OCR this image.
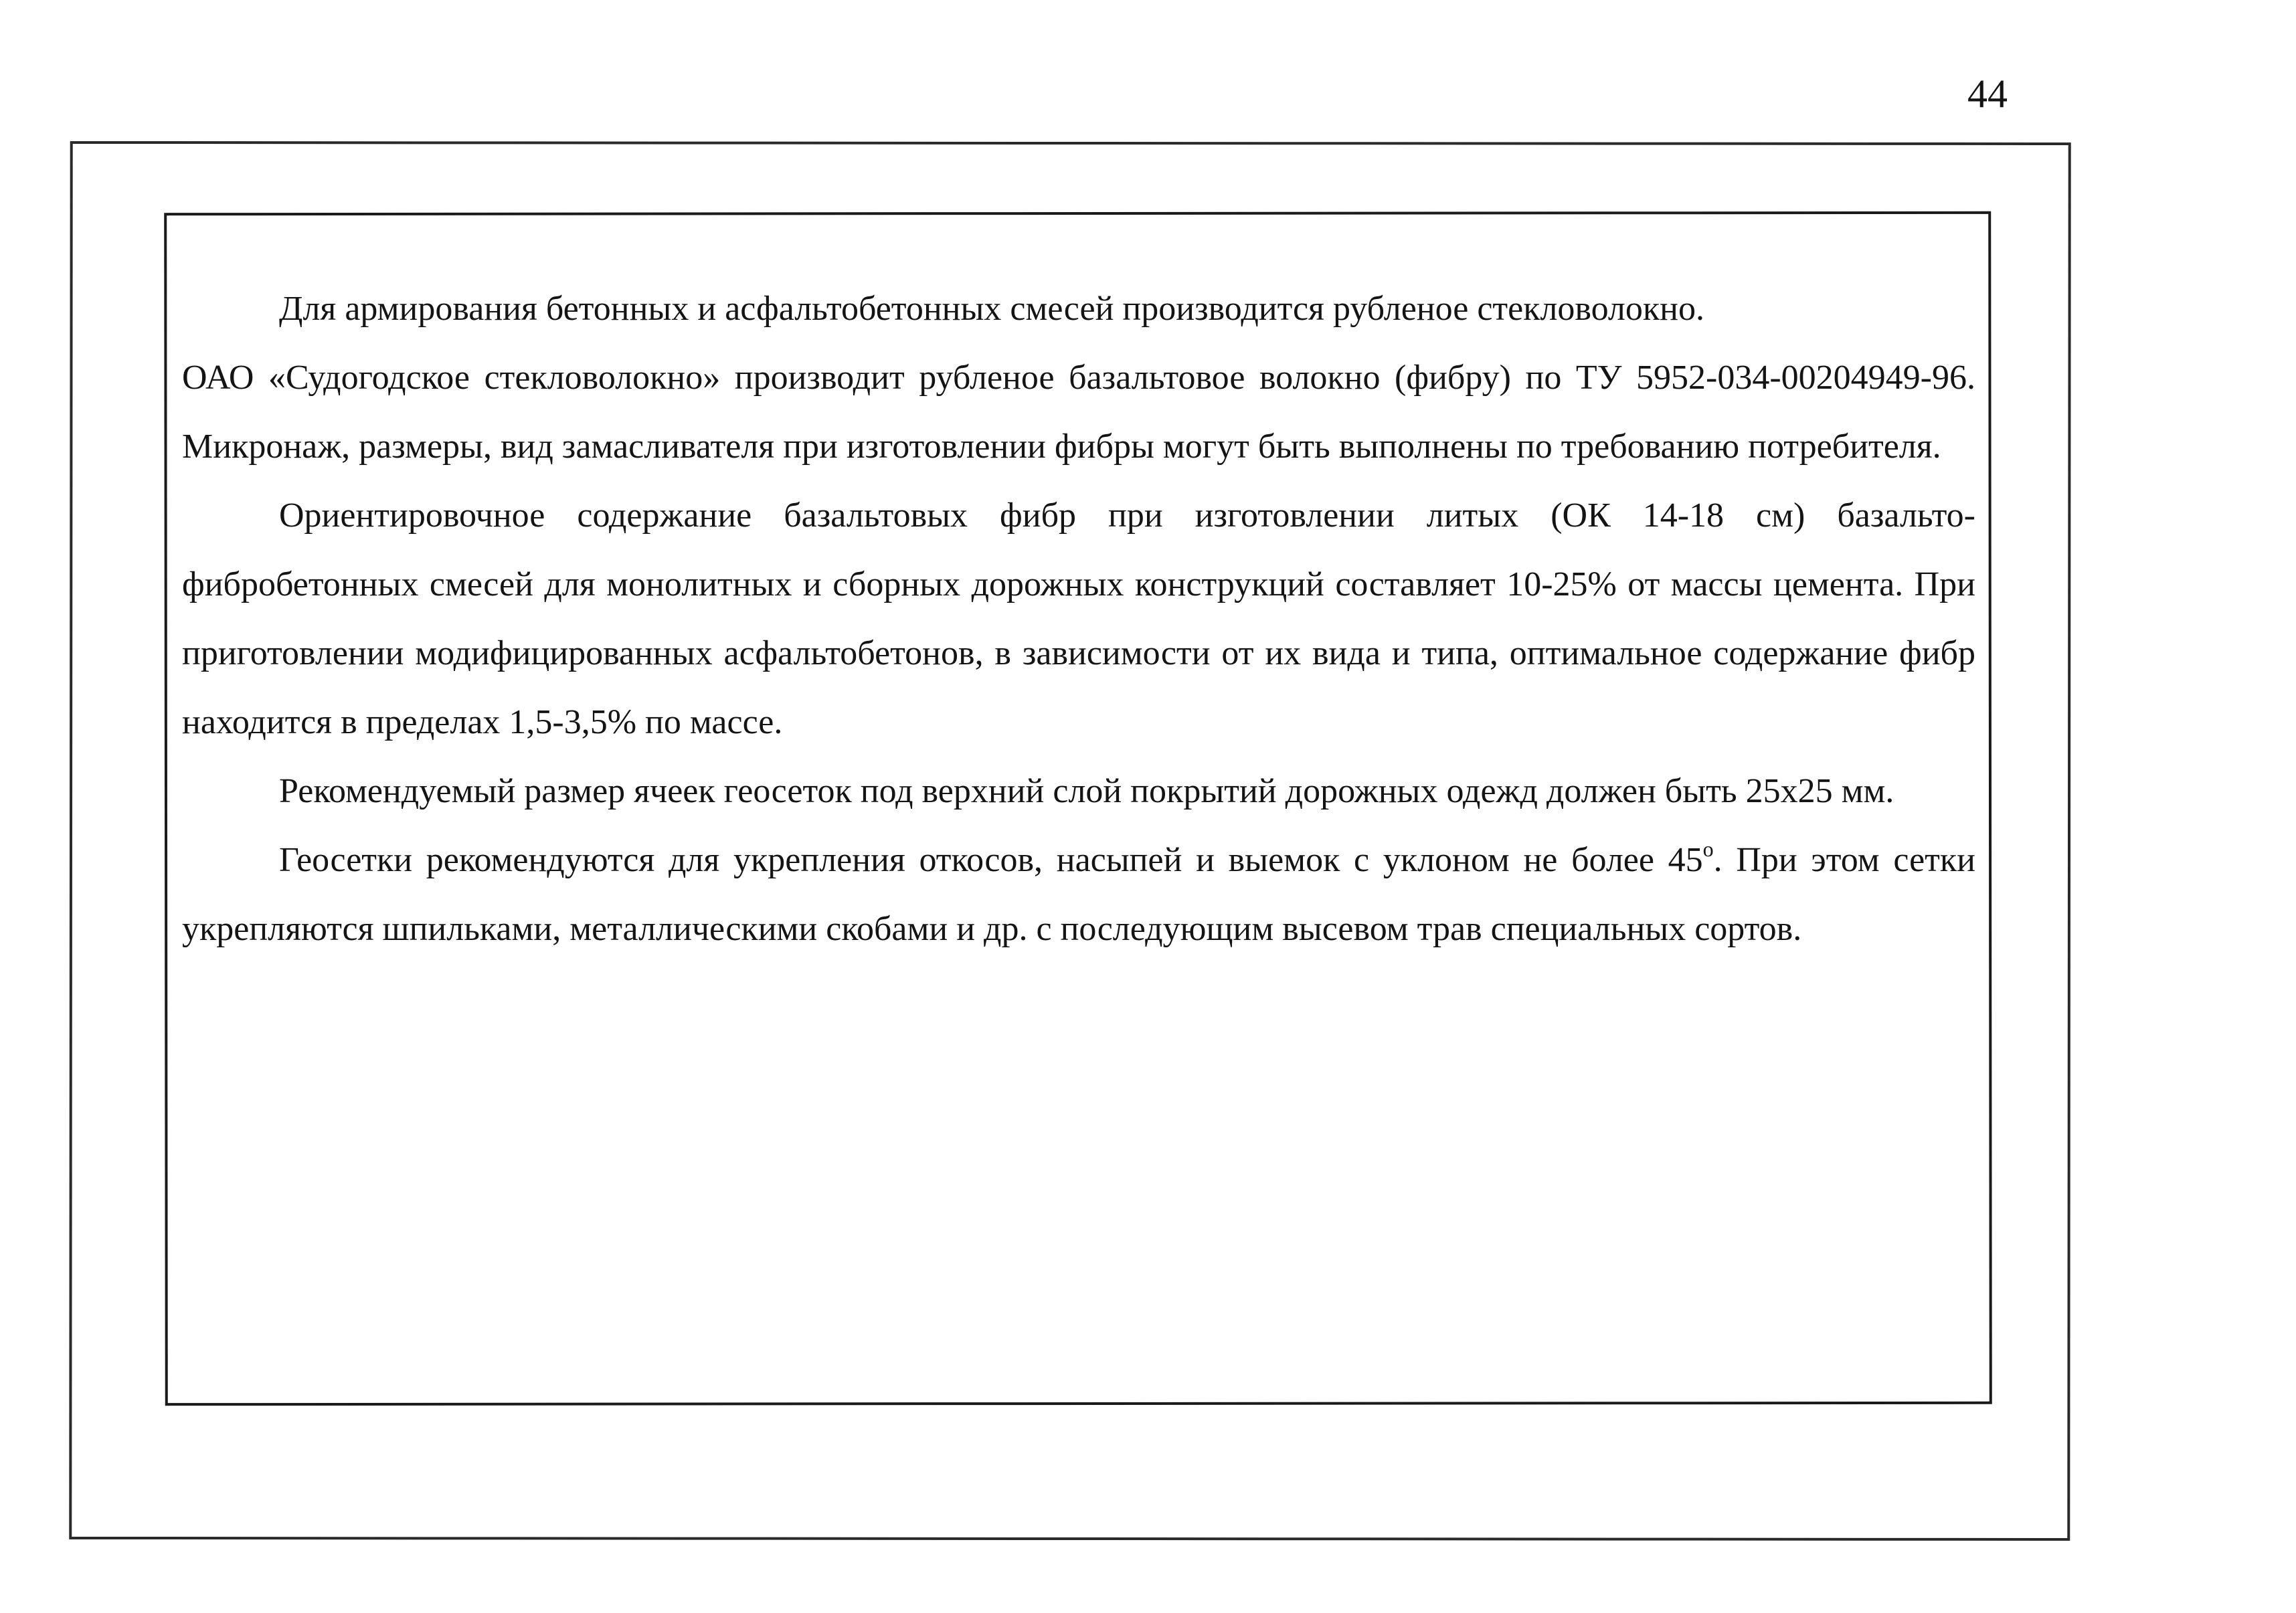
44

Для армирования бетонных и асфальтобетонных смесей производится рубленое стекловолокно.

ОАО «Судогодское стекловолокно» производит рубленое базальтовое волокно (фибру) по ТУ 5952-034-00204949-96. Микронаж, размеры, вид замасливателя при изготовлении фибры могут быть выполнены по требованию потребителя.

Ориентировочное содержание базальтовых фибр при изготовлении литых (ОК 14-18 см) базальто-фибробетонных смесей для монолитных и сборных дорожных конструкций составляет 10-25% от массы цемента. При приготовлении модифицированных асфальтобетонов, в зависимости от их вида и типа, оптимальное содержание фибр находится в пределах 1,5-3,5% по массе.

Рекомендуемый размер ячеек геосеток под верхний слой покрытий дорожных одежд должен быть 25х25 мм.

Геосетки рекомендуются для укрепления откосов, насыпей и выемок с уклоном не более $45^о$. При этом сетки укрепляются шпильками, металлическими скобами и др. с последующим высевом трав специальных сортов.
